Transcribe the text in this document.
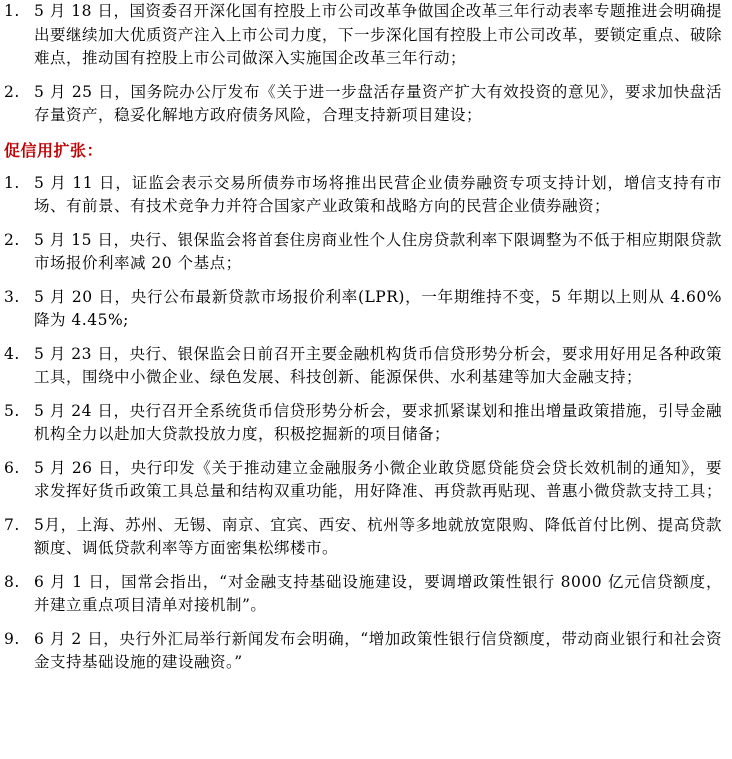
1. 5 月 18 日，国资委召开深化国有控股上市公司改革争做国企改革三年行动表率专题推进会明确提出要继续加大优质资产注入上市公司力度，下一步深化国有控股上市公司改革，要锁定重点、破除难点，推动国有控股上市公司做深入实施国企改革三年行动；
2. 5 月 25 日，国务院办公厅发布《关于进一步盘活存量资产扩大有效投资的意见》，要求加快盘活存量资产，稳妥化解地方政府债务风险，合理支持新项目建设；
促信用扩张：
1. 5 月 11 日，证监会表示交易所债券市场将推出民营企业债券融资专项支持计划，增信支持有市场、有前景、有技术竞争力并符合国家产业政策和战略方向的民营企业债券融资；
2. 5 月 15 日，央行、银保监会将首套住房商业性个人住房贷款利率下限调整为不低于相应期限贷款市场报价利率减 20 个基点；
3. 5 月 20 日，央行公布最新贷款市场报价利率(LPR)，一年期维持不变，5 年期以上则从 4.60%降为 4.45%;
4. 5 月 23 日，央行、银保监会日前召开主要金融机构货币信贷形势分析会，要求用好用足各种政策工具，围绕中小微企业、绿色发展、科技创新、能源保供、水利基建等加大金融支持；
5. 5 月 24 日，央行召开全系统货币信贷形势分析会，要求抓紧谋划和推出增量政策措施，引导金融机构全力以赴加大贷款投放力度，积极挖掘新的项目储备；
6. 5 月 26 日，央行印发《关于推动建立金融服务小微企业敢贷愿贷能贷会贷长效机制的通知》，要求发挥好货币政策工具总量和结构双重功能，用好降准、再贷款再贴现、普惠小微贷款支持工具；
7. 5月，上海、苏州、无锡、南京、宜宾、西安、杭州等多地就放宽限购、降低首付比例、提高贷款额度、调低贷款利率等方面密集松绑楼市。
8. 6 月 1 日，国常会指出，“对金融支持基础设施建设，要调增政策性银行 8000 亿元信贷额度，并建立重点项目清单对接机制”。
9. 6 月 2 日，央行外汇局举行新闻发布会明确，“增加政策性银行信贷额度，带动商业银行和社会资金支持基础设施的建设融资。”
